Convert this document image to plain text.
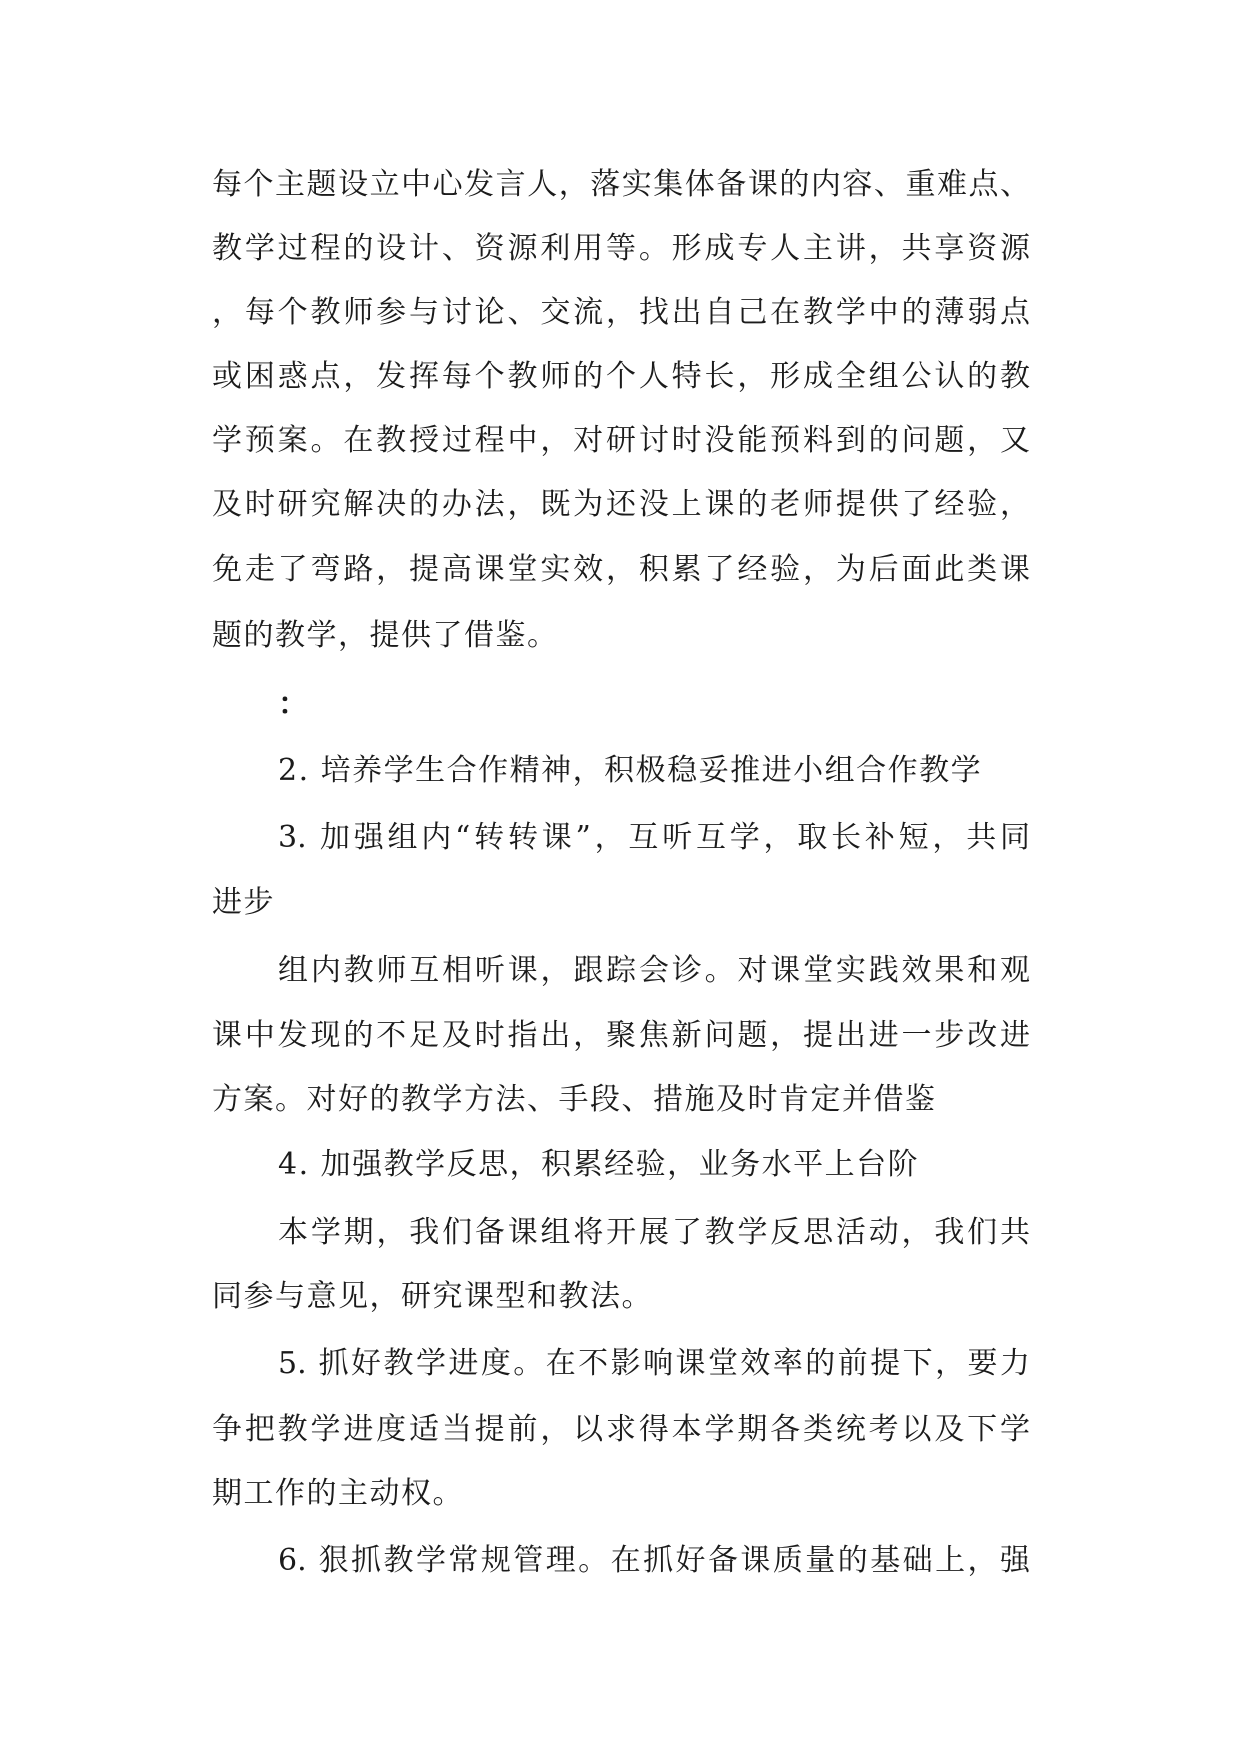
每个主题设立中心发言人，落实集体备课的内容、重难点、
教学过程的设计、资源利用等。形成专人主讲，共享资源
，每个教师参与讨论、交流，找出自己在教学中的薄弱点
或困惑点，发挥每个教师的个人特长，形成全组公认的教
学预案。在教授过程中，对研讨时没能预料到的问题，又
及时研究解决的办法，既为还没上课的老师提供了经验，
免走了弯路，提高课堂实效，积累了经验，为后面此类课
题的教学，提供了借鉴。
：
2. 培养学生合作精神，积极稳妥推进小组合作教学
3. 加强组内“转转课”，互听互学，取长补短，共同
进步
组内教师互相听课，跟踪会诊。对课堂实践效果和观
课中发现的不足及时指出，聚焦新问题，提出进一步改进
方案。对好的教学方法、手段、措施及时肯定并借鉴
4. 加强教学反思，积累经验，业务水平上台阶
本学期，我们备课组将开展了教学反思活动，我们共
同参与意见，研究课型和教法。
5. 抓好教学进度。在不影响课堂效率的前提下，要力
争把教学进度适当提前，以求得本学期各类统考以及下学
期工作的主动权。
6. 狠抓教学常规管理。在抓好备课质量的基础上，强
